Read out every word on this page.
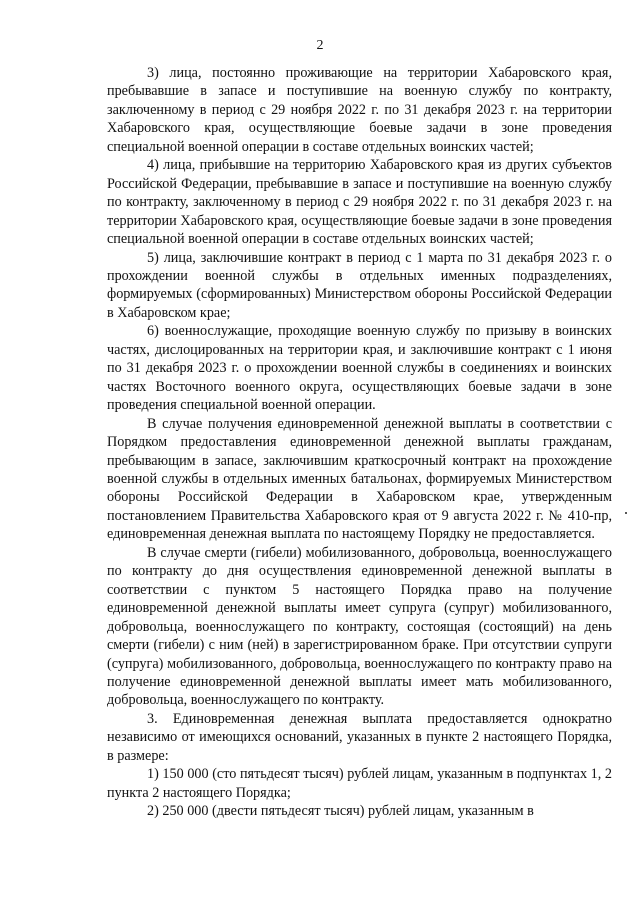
2

3) лица, постоянно проживающие на территории Хабаровского края, пребывавшие в запасе и поступившие на военную службу по контракту, заключенному в период с 29 ноября 2022 г. по 31 декабря 2023 г. на территории Хабаровского края, осуществляющие боевые задачи в зоне проведения специальной военной операции в составе отдельных воинских частей;

4) лица, прибывшие на территорию Хабаровского края из других субъектов Российской Федерации, пребывавшие в запасе и поступившие на военную службу по контракту, заключенному в период с 29 ноября 2022 г. по 31 декабря 2023 г. на территории Хабаровского края, осуществляющие боевые задачи в зоне проведения специальной военной операции в составе отдельных воинских частей;

5) лица, заключившие контракт в период с 1 марта по 31 декабря 2023 г. о прохождении военной службы в отдельных именных подразделениях, формируемых (сформированных) Министерством обороны Российской Федерации в Хабаровском крае;

6) военнослужащие, проходящие военную службу по призыву в воинских частях, дислоцированных на территории края, и заключившие контракт с 1 июня по 31 декабря 2023 г. о прохождении военной службы в соединениях и воинских частях Восточного военного округа, осуществляющих боевые задачи в зоне проведения специальной военной операции.

В случае получения единовременной денежной выплаты в соответствии с Порядком предоставления единовременной денежной выплаты гражданам, пребывающим в запасе, заключившим краткосрочный контракт на прохождение военной службы в отдельных именных батальонах, формируемых Министерством обороны Российской Федерации в Хабаровском крае, утвержденным постановлением Правительства Хабаровского края от 9 августа 2022 г. № 410-пр, единовременная денежная выплата по настоящему Порядку не предоставляется.

В случае смерти (гибели) мобилизованного, добровольца, военнослужащего по контракту до дня осуществления единовременной денежной выплаты в соответствии с пунктом 5 настоящего Порядка право на получение единовременной денежной выплаты имеет супруга (супруг) мобилизованного, добровольца, военнослужащего по контракту, состоящая (состоящий) на день смерти (гибели) с ним (ней) в зарегистрированном браке. При отсутствии супруги (супруга) мобилизованного, добровольца, военнослужащего по контракту право на получение единовременной денежной выплаты имеет мать мобилизованного, добровольца, военнослужащего по контракту.

3. Единовременная денежная выплата предоставляется однократно независимо от имеющихся оснований, указанных в пункте 2 настоящего Порядка, в размере:

1) 150 000 (сто пятьдесят тысяч) рублей лицам, указанным в подпунктах 1, 2 пункта 2 настоящего Порядка;

2) 250 000 (двести пятьдесят тысяч) рублей лицам, указанным в
